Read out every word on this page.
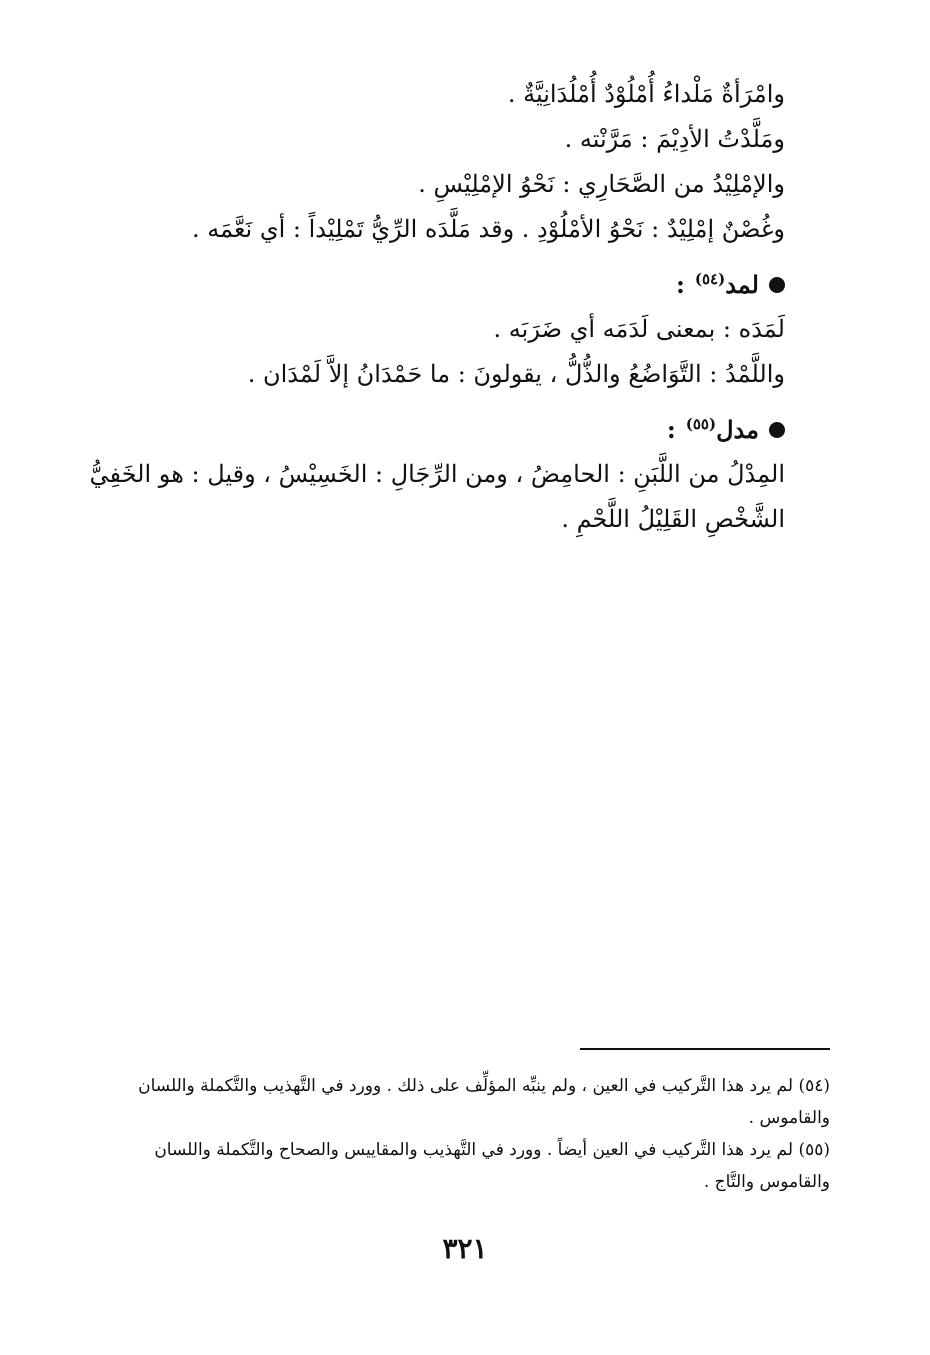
وامْرَأةٌ مَلْداءُ أُمْلُوْدٌ أُمْلُدَانِيَّةٌ .
ومَلَّدْتُ الأدِيْمَ : مَرَّنْته .
والإمْلِيْدُ من الصَّحَارِي : نَحْوُ الإمْلِيْسِ .
وغُصْنٌ إمْلِيْدٌ : نَحْوُ الأمْلُوْدِ . وقد مَلَّدَه الرِّيُّ تَمْلِيْداً : أي نَعَّمَه .
لمد$^{(٥٤)}$
:
لَمَدَه : بمعنى لَدَمَه أي ضَرَبَه .
واللَّمْدُ : التَّوَاضُعُ والذُّلُّ ، يقولونَ : ما حَمْدَانُ إلاَّ لَمْدَان .
مدل$^{(٥٥)}$
:
المِدْلُ من اللَّبَنِ : الحامِضُ ، ومن الرِّجَالِ : الخَسِيْسُ ، وقيل : هو الخَفِيُّ الشَّخْصِ القَلِيْلُ اللَّحْمِ .
(٥٤) لم يرد هذا التَّركيب في العين ، ولم ينبِّه المؤلِّف على ذلك . وورد في التَّهذيب والتَّكملة واللسان والقاموس .
(٥٥) لم يرد هذا التَّركيب في العين أيضاً . وورد في التَّهذيب والمقاييس والصحاح والتَّكملة واللسان والقاموس والتَّاج .
٣٢١
